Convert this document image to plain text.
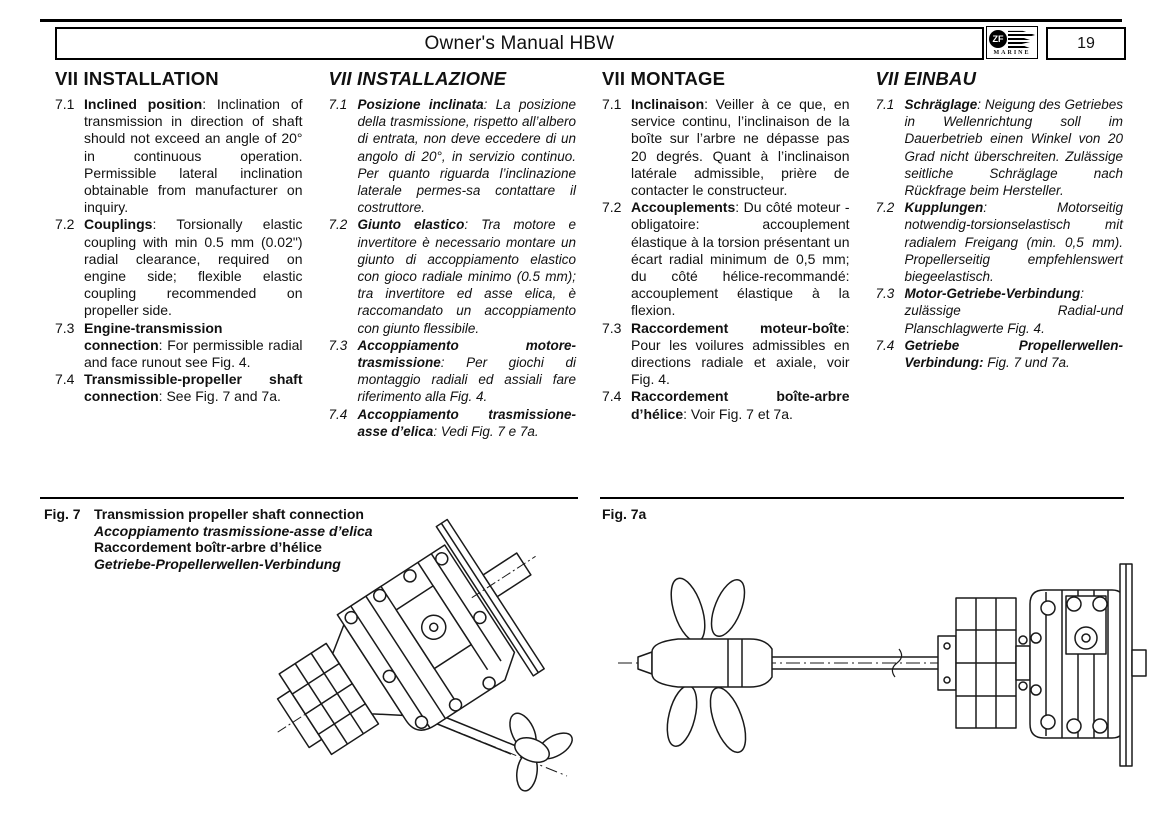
Owner's Manual HBW	ZF
MARINE
19
VII INSTALLATION

7.1 Inclined position: Inclination of transmission in direction of shaft should not exceed an angle of 20° in continuous operation. Permissible lateral inclination obtainable from manufacturer on inquiry.

7.2 Couplings: Torsionally elastic coupling with min 0.5 mm (0.02") radial clearance, required on engine side; flexible elastic coupling recommended on propeller side.

7.3 Engine-transmission connection: For permissible radial and face runout see Fig. 4.

7.4 Transmissible-propeller shaft connection: See Fig. 7 and 7a.

VII INSTALLAZIONE

7.1 Posizione inclinata: La posizione della trasmissione, rispetto all’albero di entrata, non deve eccedere di un angolo di 20°, in servizio continuo. Per quanto riguarda l’inclinazione laterale permes-sa contattare il costruttore.

7.2 Giunto elastico: Tra motore e invertitore è necessario montare un giunto di accoppiamento elastico con gioco radiale minimo (0.5 mm); tra invertitore ed asse elica, è raccomandato un accoppiamento con giunto flessibile.

7.3 Accoppiamento motore-trasmissione: Per giochi di montaggio radiali ed assiali fare riferimento alla Fig. 4.

7.4 Accoppiamento trasmissione-asse d’elica: Vedi Fig. 7 e 7a.

VII MONTAGE

7.1 Inclinaison: Veiller à ce que, en service continu, l’inclinaison de la boîte sur l’arbre ne dépasse pas 20 degrés. Quant à l’inclinaison latérale admissible, prière de contacter le constructeur.

7.2 Accouplements: Du côté moteur -obligatoire: accouplement élastique à la torsion présentant un écart radial minimum de 0,5 mm; du côté hélice-recommandé: accouplement élastique à la flexion.

7.3 Raccordement moteur-boîte: Pour les voilures admissibles en directions radiale et axiale, voir Fig. 4.

7.4 Raccordement boîte-arbre d’hélice: Voir Fig. 7 et 7a.

VII EINBAU

7.1 Schräglage: Neigung des Getriebes in Wellenrichtung soll im Dauerbetrieb einen Winkel von 20 Grad nicht überschreiten. Zulässige seitliche Schräglage nach Rückfrage beim Hersteller.

7.2 Kupplungen: Motorseitig notwendig-torsionselastisch mit radialem Freigang (min. 0,5 mm). Propellerseitig empfehlenswert biegeelastisch.

7.3 Motor-Getriebe-Verbindung: zulässige Radial-und Planschlagwerte Fig. 4.

7.4 Getriebe Propellerwellen-Verbindung: Fig. 7 und 7a.

Fig. 7 Transmission propeller shaft connection
Accoppiamento trasmissione-asse d’elica
Raccordement boîtr-arbre d’hélice
Getriebe-Propellerwellen-Verbindung
Fig. 7a
